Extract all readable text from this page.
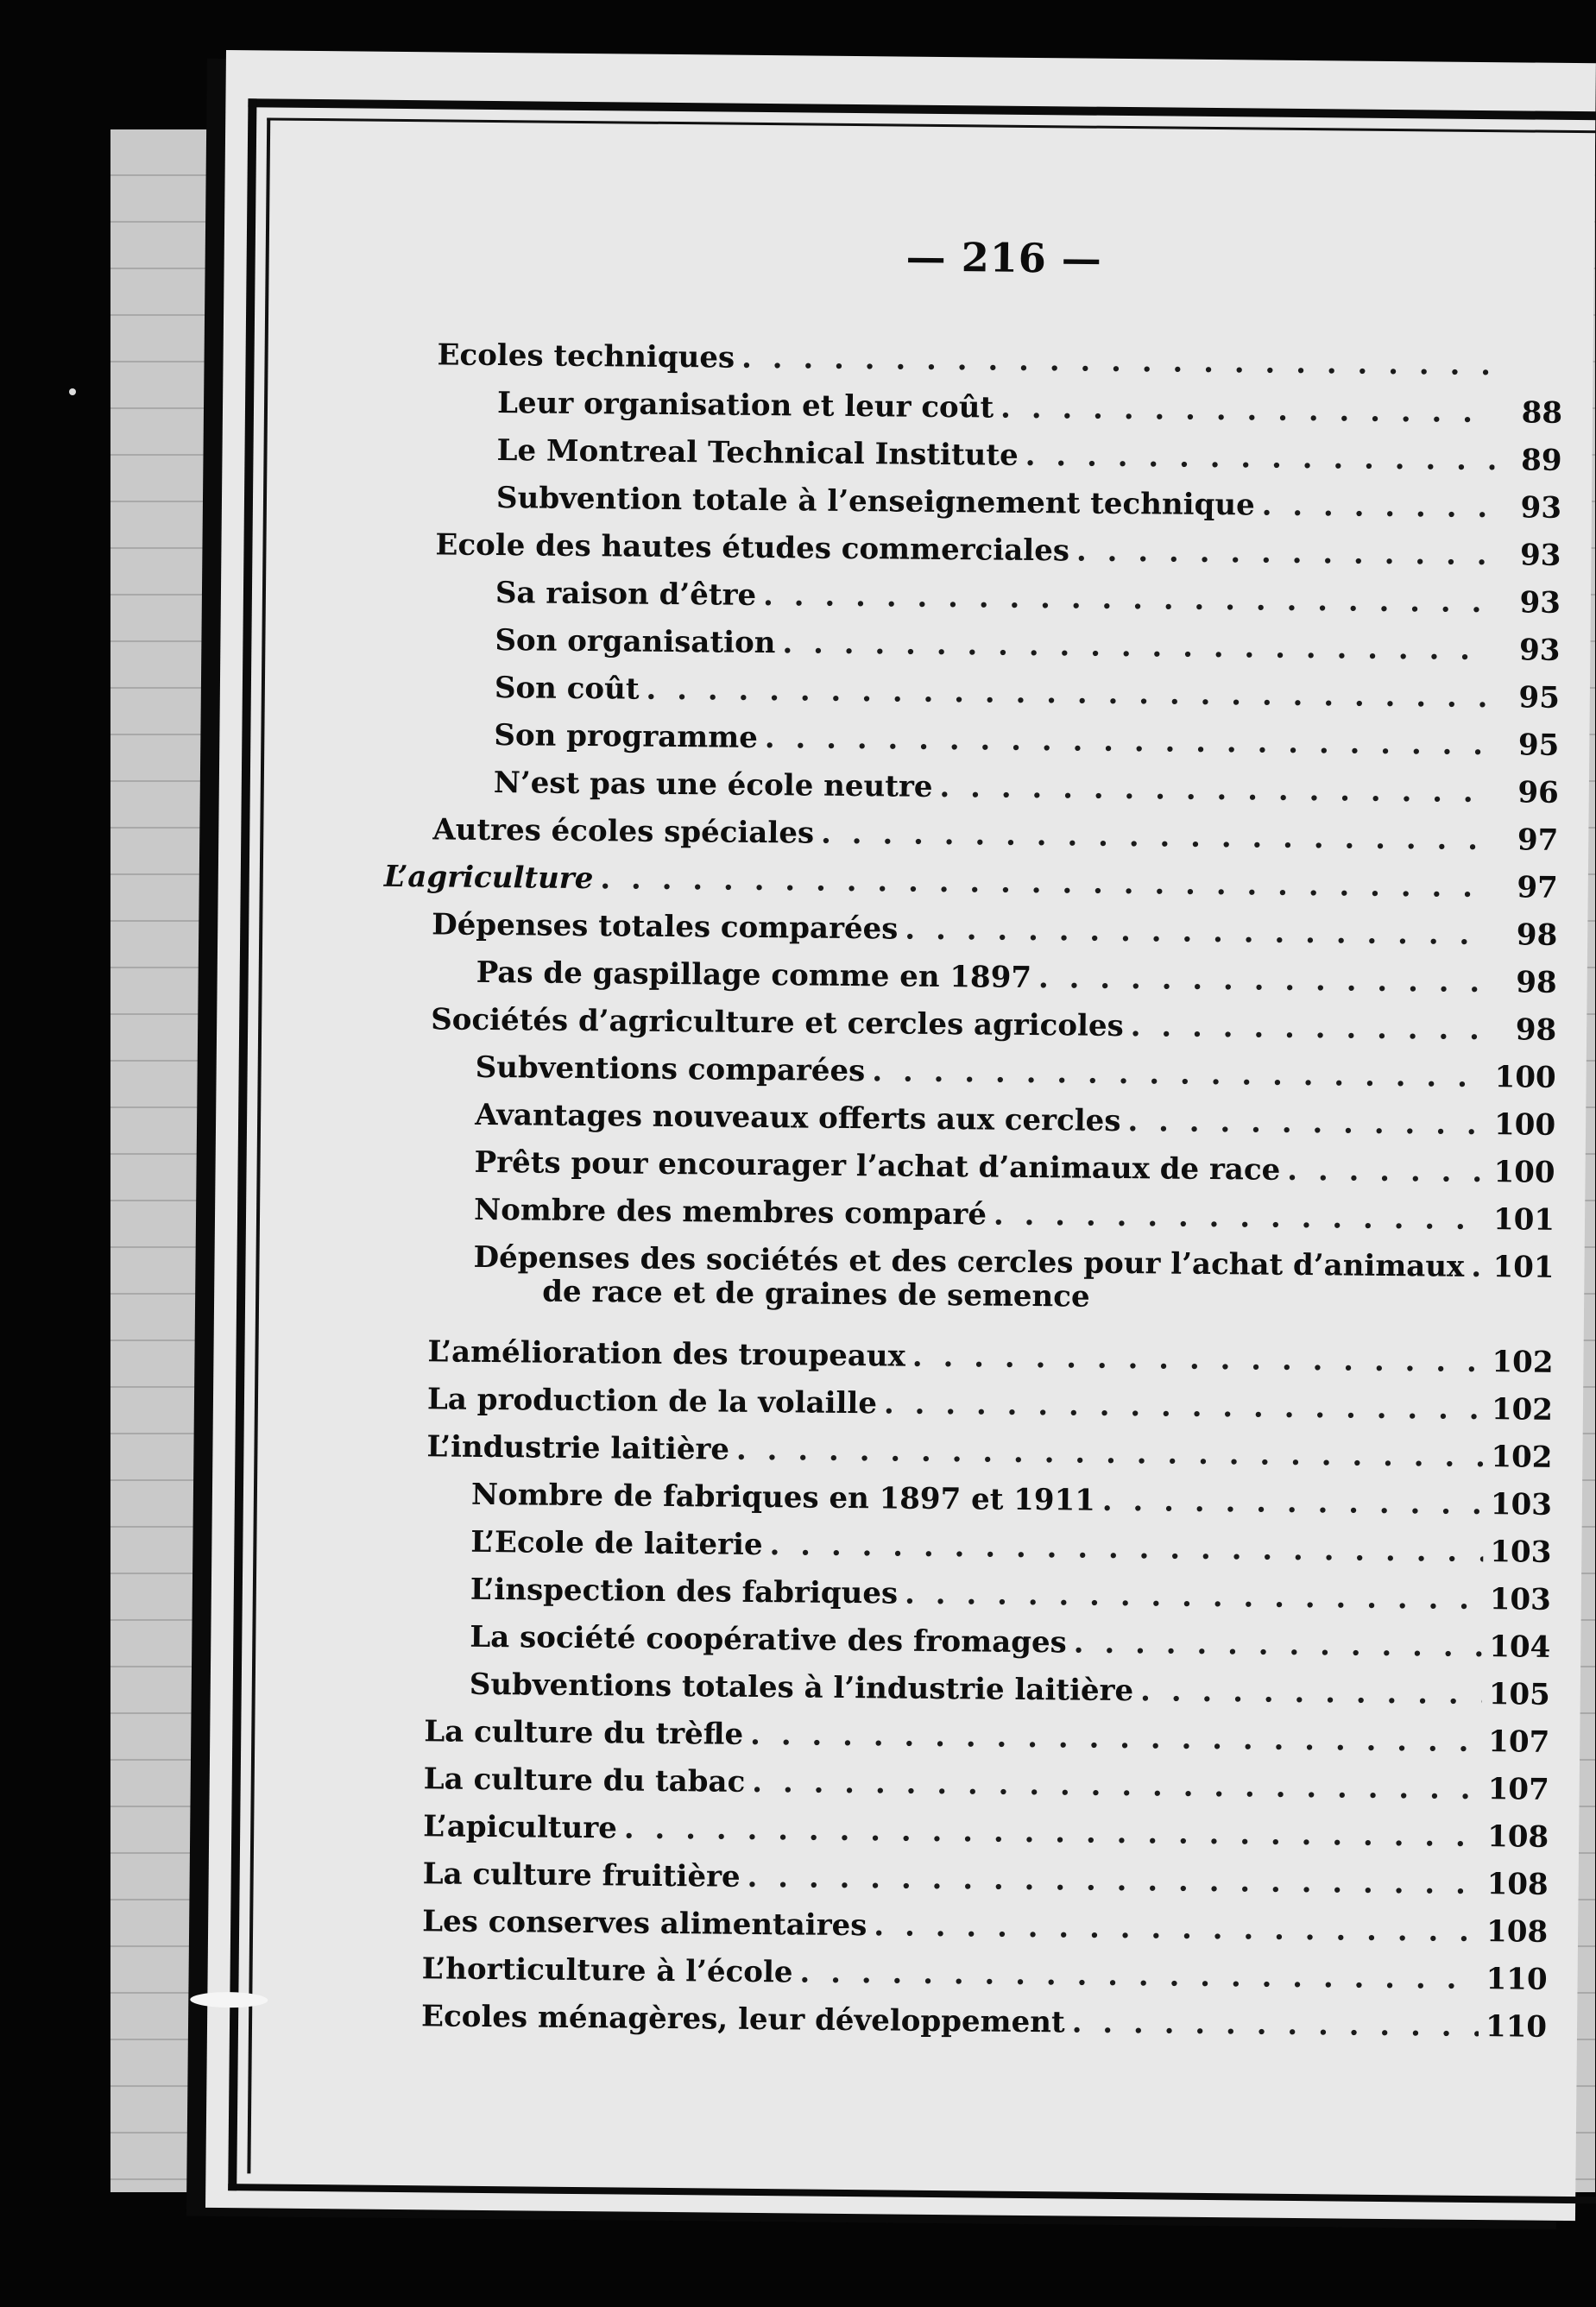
— 216 —
Ecoles techniques
. . .
Leur organisation et leur coût . . .	88
Le Montreal Technical Institute . . .	89
Subvention totale à l’enseignement technique . . .	93
Ecole des hautes études commerciales . . .	93
Sa raison d’être . . .	93
Son organisation . . .	93
Son coût . . .	95
Son programme . . .	95
N’est pas une école neutre . . .	96
Autres écoles spéciales . . .	97
L’agriculture . . .	97
Dépenses totales comparées . . .	98
Pas de gaspillage comme en 1897 . . .	98
Sociétés d’agriculture et cercles agricoles . . .	98
Subventions comparées . . .	100
Avantages nouveaux offerts aux cercles . . .	100
Prêts pour encourager l’achat d’animaux de race . . .	100
Nombre des membres comparé . . .	101
Dépenses des sociétés et des cercles pour l’achat d’animaux . . . 101
de race et de graines de semence
L’amélioration des troupeaux . . .	102
La production de la volaille . . .	102
L’industrie laitière . . .	102
Nombre de fabriques en 1897 et 1911 . . .	103
L’Ecole de laiterie . . .	103
L’inspection des fabriques . . .	103
La société coopérative des fromages . . .	104
Subventions totales à l’industrie laitière . . .	105
La culture du trèfle . . .	107
La culture du tabac . . .	107
L’apiculture . . .	108
La culture fruitière . . .	108
Les conserves alimentaires . . .	108
L’horticulture à l’école . . .	110
Ecoles ménagères, leur développement . . .	110
